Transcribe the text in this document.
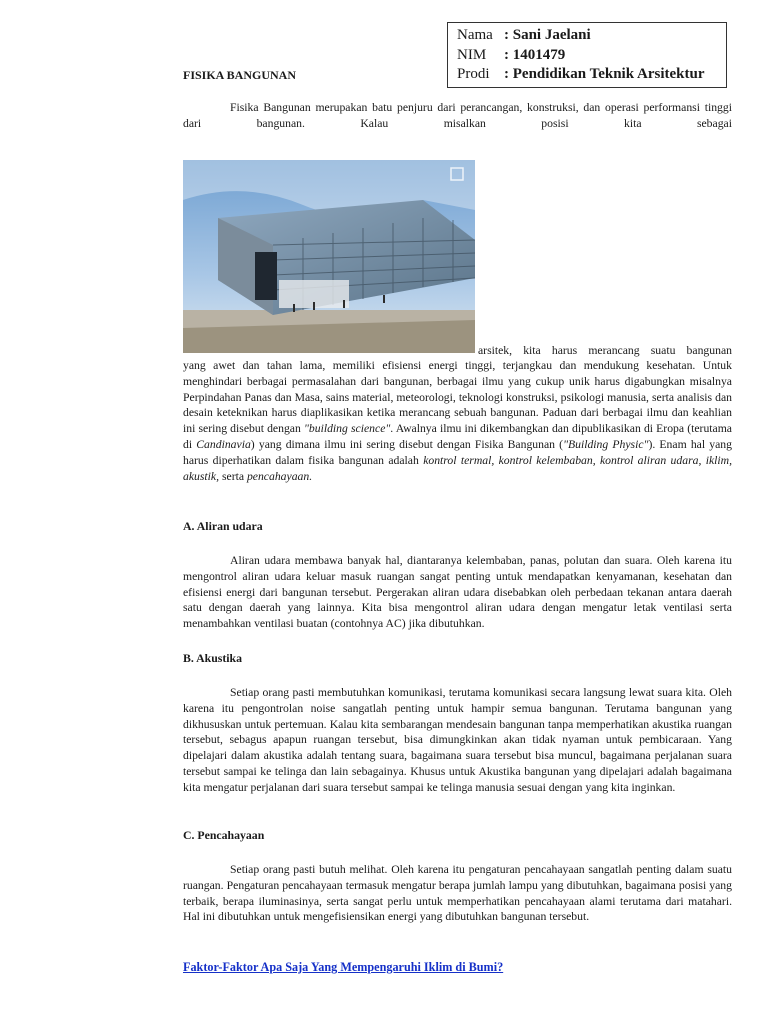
Nama : Sani Jaelani
NIM : 1401479
Prodi : Pendidikan Teknik Arsitektur
FISIKA BANGUNAN

Fisika Bangunan merupakan batu penjuru dari perancangan, konstruksi, dan operasi performansi tinggi dari bangunan. Kalau misalkan posisi kita sebagai

arsitek, kita harus merancang suatu bangunan

yang awet dan tahan lama, memiliki efisiensi energi tinggi, terjangkau dan mendukung kesehatan. Untuk menghindari berbagai permasalahan dari bangunan, berbagai ilmu yang cukup unik harus digabungkan misalnya Perpindahan Panas dan Masa, sains material, meteorologi, teknologi konstruksi, psikologi manusia, serta analisis dan desain keteknikan harus diaplikasikan ketika merancang sebuah bangunan. Paduan dari berbagai ilmu dan keahlian ini sering disebut dengan "building science". Awalnya ilmu ini dikembangkan dan dipublikasikan di Eropa (terutama di Candinavia) yang dimana ilmu ini sering disebut dengan Fisika Bangunan ("Building Physic"). Enam hal yang harus diperhatikan dalam fisika bangunan adalah kontrol termal, kontrol kelembaban, kontrol aliran udara, iklim, akustik, serta pencahayaan.

A. Aliran udara

Aliran udara membawa banyak hal, diantaranya kelembaban, panas, polutan dan suara. Oleh karena itu mengontrol aliran udara keluar masuk ruangan sangat penting untuk mendapatkan kenyamanan, kesehatan dan efisiensi energi dari bangunan tersebut. Pergerakan aliran udara disebabkan oleh perbedaan tekanan antara daerah satu dengan daerah yang lainnya. Kita bisa mengontrol aliran udara dengan mengatur letak ventilasi serta menambahkan ventilasi buatan (contohnya AC) jika dibutuhkan.

B. Akustika

Setiap orang pasti membutuhkan komunikasi, terutama komunikasi secara langsung lewat suara kita. Oleh karena itu pengontrolan noise sangatlah penting untuk hampir semua bangunan. Terutama bangunan yang dikhususkan untuk pertemuan. Kalau kita sembarangan mendesain bangunan tanpa memperhatikan akustika ruangan tersebut, sebagus apapun ruangan tersebut, bisa dimungkinkan akan tidak nyaman untuk pembicaraan. Yang dipelajari dalam akustika adalah tentang suara, bagaimana suara tersebut bisa muncul, bagaimana perjalanan suara tersebut sampai ke telinga dan lain sebagainya. Khusus untuk Akustika bangunan yang dipelajari adalah bagaimana kita mengatur perjalanan dari suara tersebut sampai ke telinga manusia sesuai dengan yang kita inginkan.

C. Pencahayaan

Setiap orang pasti butuh melihat. Oleh karena itu pengaturan pencahayaan sangatlah penting dalam suatu ruangan. Pengaturan pencahayaan termasuk mengatur berapa jumlah lampu yang dibutuhkan, bagaimana posisi yang terbaik, berapa iluminasinya, serta sangat perlu untuk memperhatikan pencahayaan alami terutama dari matahari. Hal ini dibutuhkan untuk mengefisiensikan energi yang dibutuhkan bangunan tersebut.

Faktor-Faktor Apa Saja Yang Mempengaruhi Iklim di Bumi?
